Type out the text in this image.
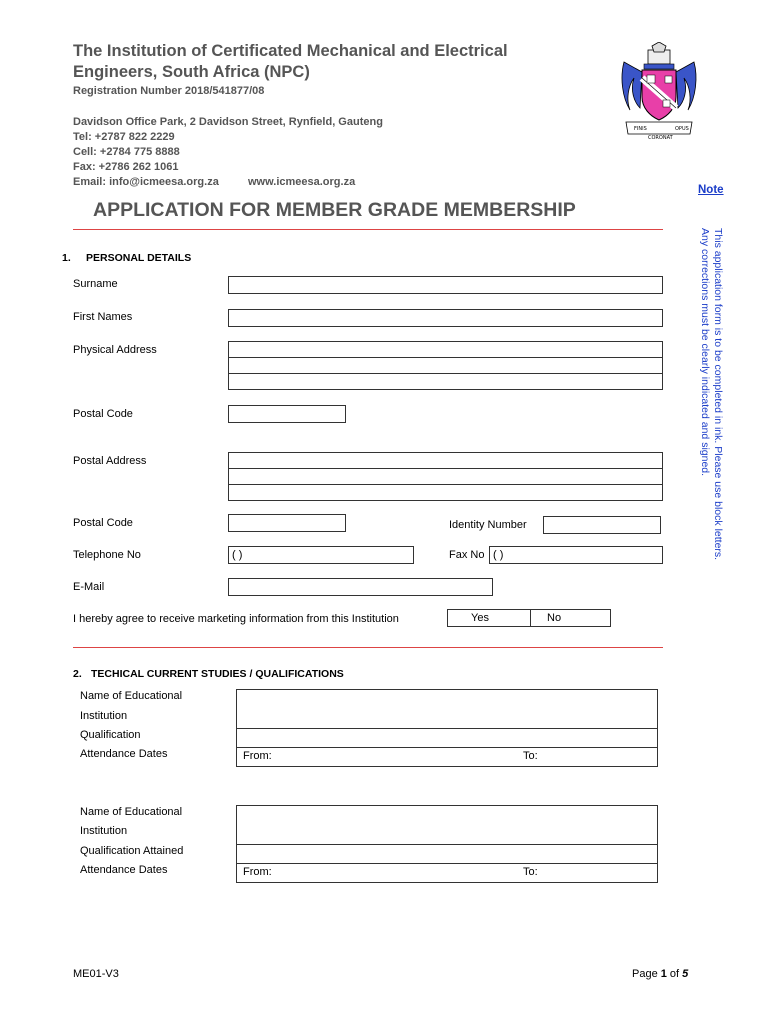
The Institution of Certificated Mechanical and Electrical
Engineers, South Africa (NPC)
Registration Number 2018/541877/08
Davidson Office Park, 2 Davidson Street, Rynfield, Gauteng
Tel: +2787 822 2229
Cell: +2784 775 8888
Fax: +2786 262 1061
Email: info@icmeesa.org.za	www.icmeesa.org.za
FINIS	OPUS
CORONAT
Note
This application form is to be completed in ink. Please use block letters.
Any corrections must be clearly indicated and signed.
APPLICATION FOR MEMBER GRADE MEMBERSHIP
1. PERSONAL DETAILS
Surname
First Names
Physical Address
Postal Code
Postal Address
Postal Code	Identity Number
Telephone No	( )	Fax No ( )
E-Mail
I hereby agree to receive marketing information from this Institution	Yes	No
2. TECHICAL CURRENT STUDIES / QUALIFICATIONS
Name of Educational
Institution
Qualification
Attendance Dates	From:	To:
Name of Educational
Institution
Qualification Attained
Attendance Dates	From:	To:
ME01-V3	Page 1 of 5
